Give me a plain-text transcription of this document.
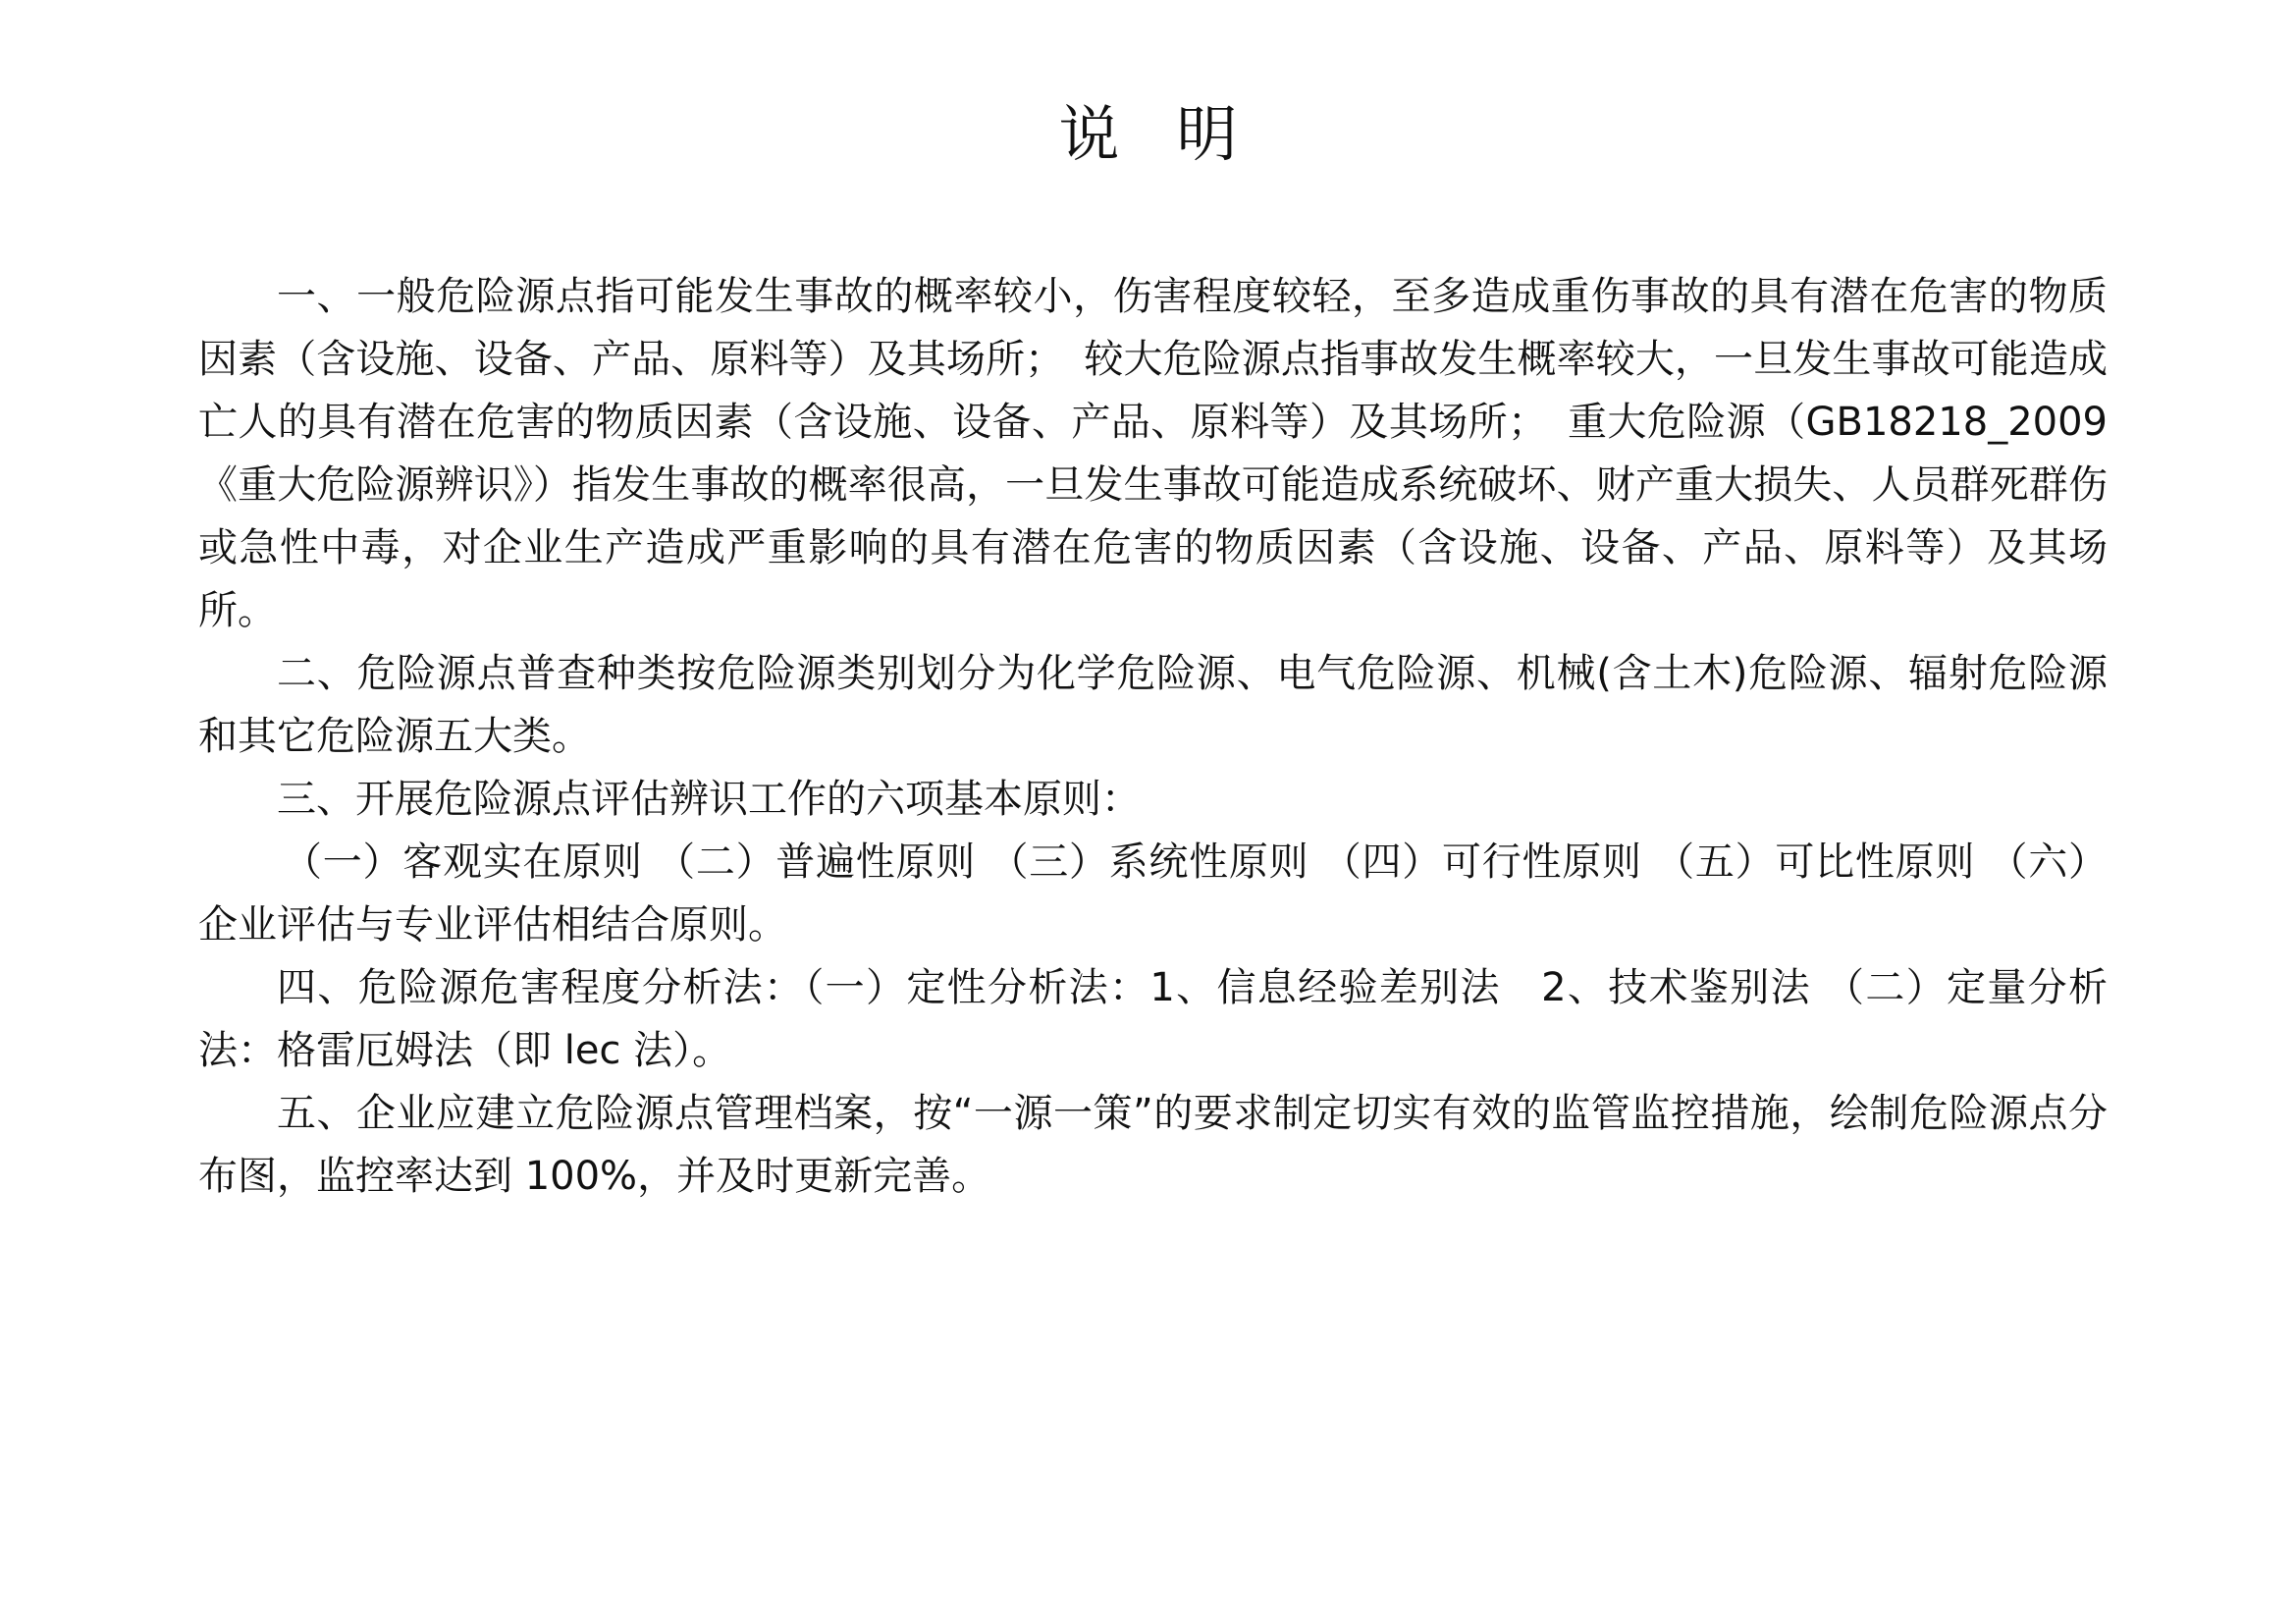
说明

一、一般危险源点指可能发生事故的概率较小，伤害程度较轻，至多造成重伤事故的具有潜在危害的物质因素（含设施、设备、产品、原料等）及其场所；　较大危险源点指事故发生概率较大，一旦发生事故可能造成亡人的具有潜在危害的物质因素（含设施、设备、产品、原料等）及其场所；　重大危险源（GB18218_2009《重大危险源辨识》）指发生事故的概率很高，一旦发生事故可能造成系统破坏、财产重大损失、人员群死群伤或急性中毒，对企业生产造成严重影响的具有潜在危害的物质因素（含设施、设备、产品、原料等）及其场所。

二、危险源点普查种类按危险源类别划分为化学危险源、电气危险源、机械(含土木)危险源、辐射危险源和其它危险源五大类。

三、开展危险源点评估辨识工作的六项基本原则：

（一）客观实在原则 （二）普遍性原则 （三）系统性原则 （四）可行性原则 （五）可比性原则 （六）企业评估与专业评估相结合原则。

四、危险源危害程度分析法：（一）定性分析法：1、信息经验差别法　2、技术鉴别法 （二）定量分析法：格雷厄姆法（即 lec 法）。

五、企业应建立危险源点管理档案，按“一源一策”的要求制定切实有效的监管监控措施，绘制危险源点分布图，监控率达到 100%，并及时更新完善。
